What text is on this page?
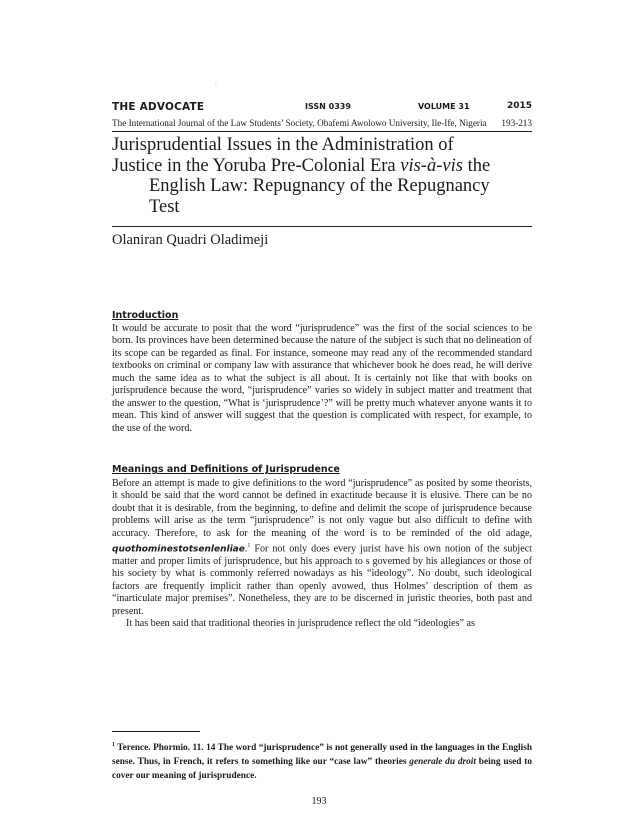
:
THE ADVOCATE	ISSN 0339	VOLUME 31	2015
The International Journal of the Law Students’ Society, Obafemi Awolowo University, Ile-Ife, Nigeria 193-213
Jurisprudential Issues in the Administration of
Justice in the Yoruba Pre-Colonial Era vis-à-vis the
English Law: Repugnancy of the Repugnancy
Test
Olaniran Quadri Oladimeji

Introduction

It would be accurate to posit that the word “jurisprudence” was the first of the social sciences to be born. Its provinces have been determined because the nature of the subject is such that no delineation of its scope can be regarded as final. For instance, someone may read any of the recommended standard textbooks on criminal or company law with assurance that whichever book he does read, he will derive much the same idea as to what the subject is all about. It is certainly not like that with books on jurisprudence because the word, “jurisprudence” varies so widely in subject matter and treatment that the answer to the question, “What is ‘jurisprudence’?” will be pretty much whatever anyone wants it to mean. This kind of answer will suggest that the question is complicated with respect, for example, to the use of the word.

Meanings and Definitions of Jurisprudence

Before an attempt is made to give definitions to the word “jurisprudence” as posited by some theorists, it should be said that the word cannot be defined in exactitude because it is elusive. There can be no doubt that it is desirable, from the beginning, to define and delimit the scope of jurisprudence because problems will arise as the term “jurisprudence” is not only vague but also difficult to define with accuracy. Therefore, to ask for the meaning of the word is to be reminded of the old adage, quothominestotsenlenliae.$^1$ For not only does every jurist have his own notion of the subject matter and proper limits of jurisprudence, but his approach to s governed by his allegiances or those of his society by what is commonly referred nowadays as his “ideology”. No doubt, such ideological factors are frequently implicit rather than openly avowed, thus Holmes’ description of them as “inarticulate major premises”. Nonetheless, they are to be discerned in juristic theories, both past and present.

It has been said that traditional theories in jurisprudence reflect the old “ideologies” as

$^1$ Terence. Phormio. 11. 14 The word “jurisprudence” is not generally used in the languages in the English sense. Thus, in French, it refers to something like our “case law” theories generale du droit being used to cover our meaning of jurisprudence.
193
